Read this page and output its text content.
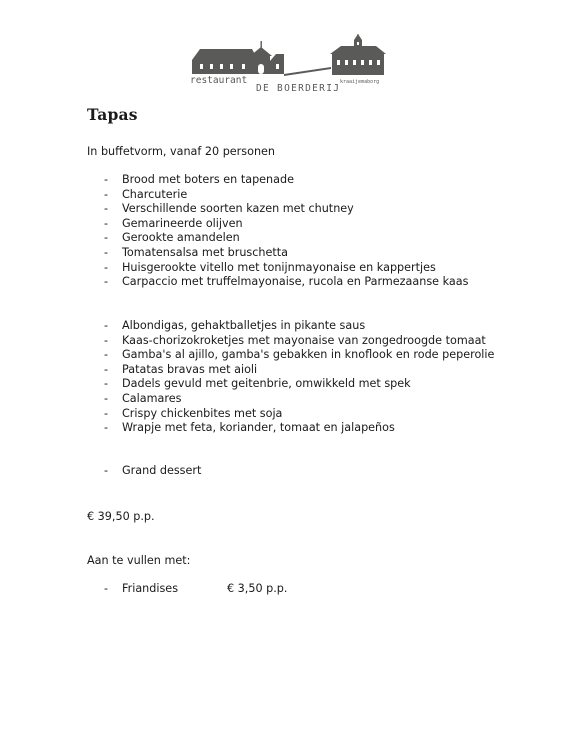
restaurant
DE BOERDERIJ
kraaijemaborg
Tapas
In buffetvorm, vanaf 20 personen
- Brood met boters en tapenade
- Charcuterie
- Verschillende soorten kazen met chutney
- Gemarineerde olijven
- Gerookte amandelen
- Tomatensalsa met bruschetta
- Huisgerookte vitello met tonijnmayonaise en kappertjes
- Carpaccio met truffelmayonaise, rucola en Parmezaanse kaas
- Albondigas, gehaktballetjes in pikante saus
- Kaas-chorizokroketjes met mayonaise van zongedroogde tomaat
- Gamba's al ajillo, gamba's gebakken in knoflook en rode peperolie
- Patatas bravas met aioli
- Dadels gevuld met geitenbrie, omwikkeld met spek
- Calamares
- Crispy chickenbites met soja
- Wrapje met feta, koriander, tomaat en jalapeños
- Grand dessert
€ 39,50 p.p.
Aan te vullen met:
- Friandises	€ 3,50 p.p.
